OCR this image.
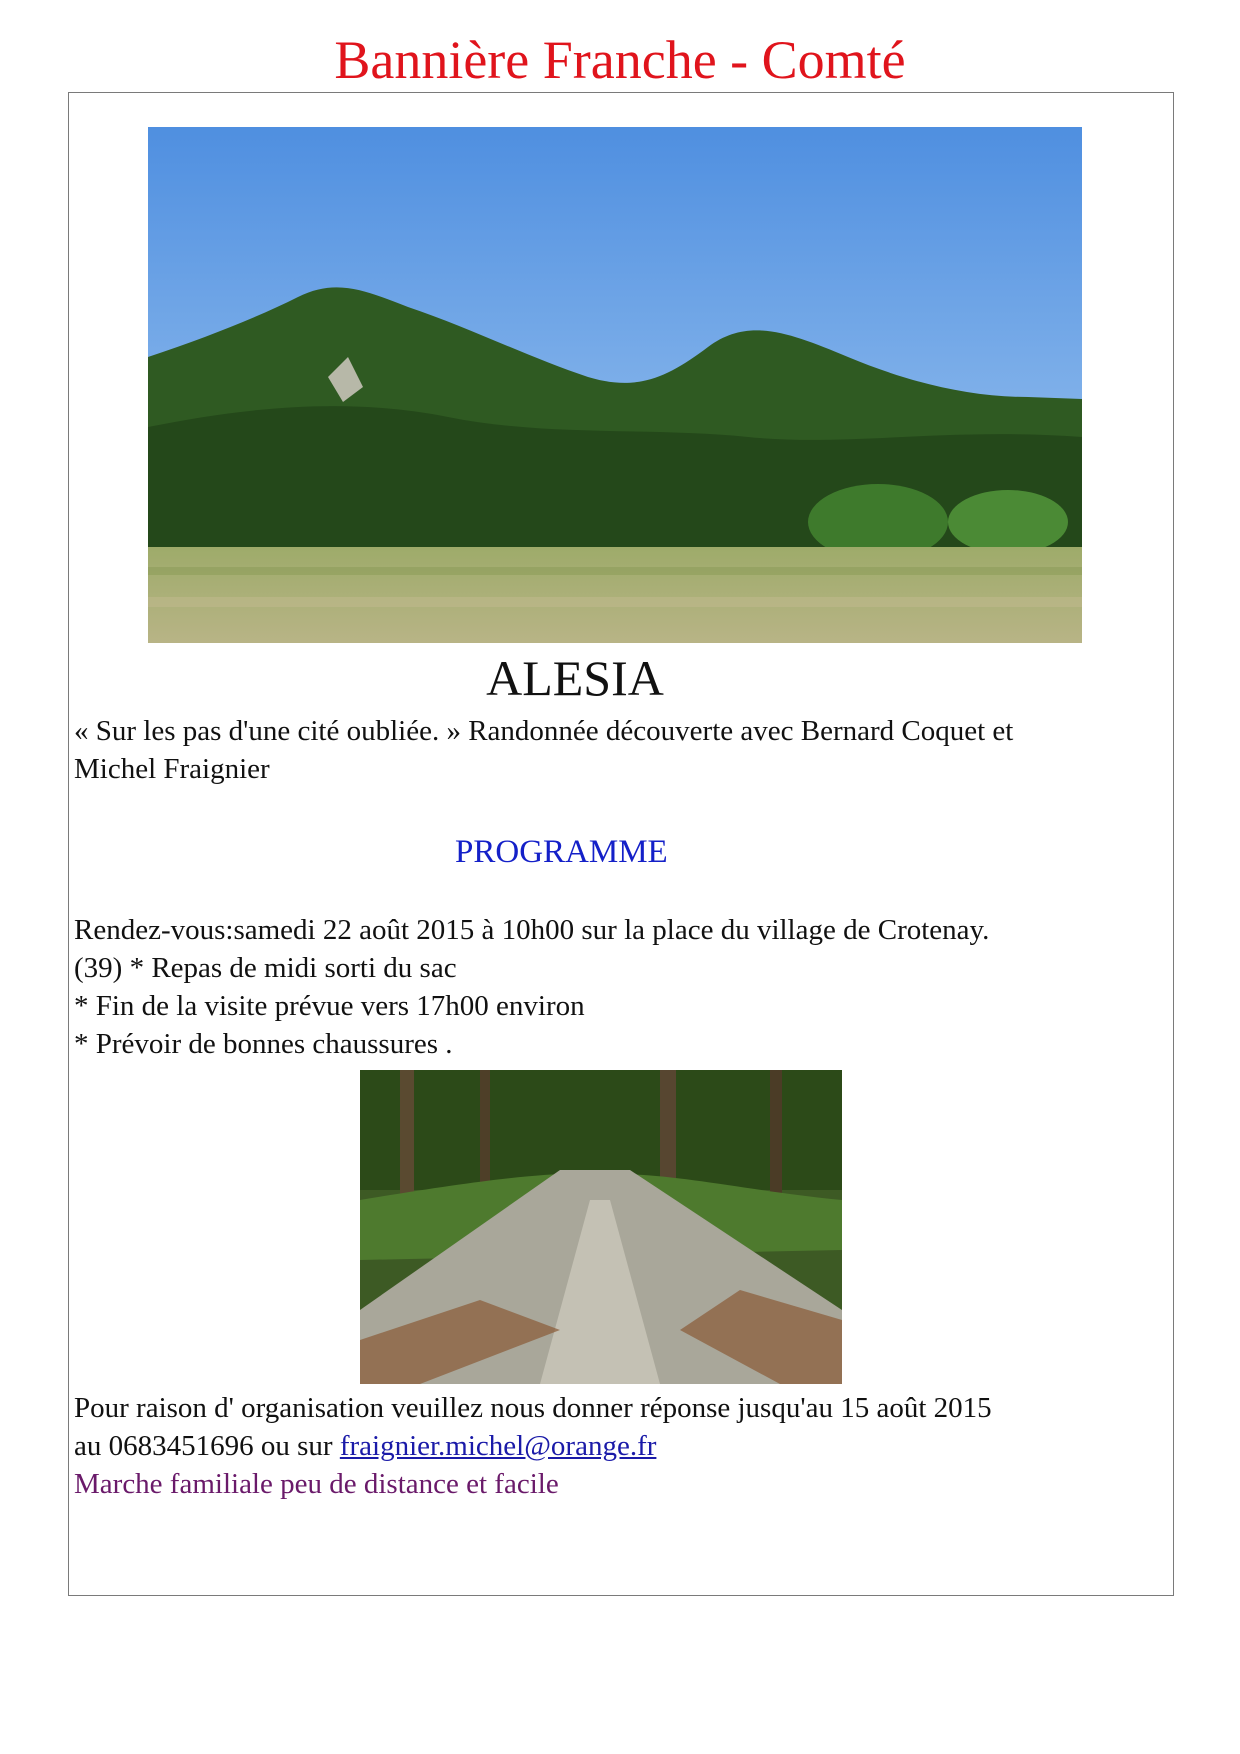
Bannière Franche - Comté
ALESIA
« Sur les pas d'une cité oubliée. » Randonnée découverte avec Bernard Coquet et
Michel Fraignier
PROGRAMME
Rendez-vous:samedi 22 août 2015 à 10h00 sur la place du village de Crotenay.
(39) * Repas de midi sorti du sac
* Fin de la visite prévue vers 17h00 environ
* Prévoir de bonnes chaussures .
Pour raison d' organisation veuillez nous donner réponse jusqu'au 15 août 2015
au 0683451696 ou sur fraignier.michel@orange.fr
Marche familiale peu de distance et facile
